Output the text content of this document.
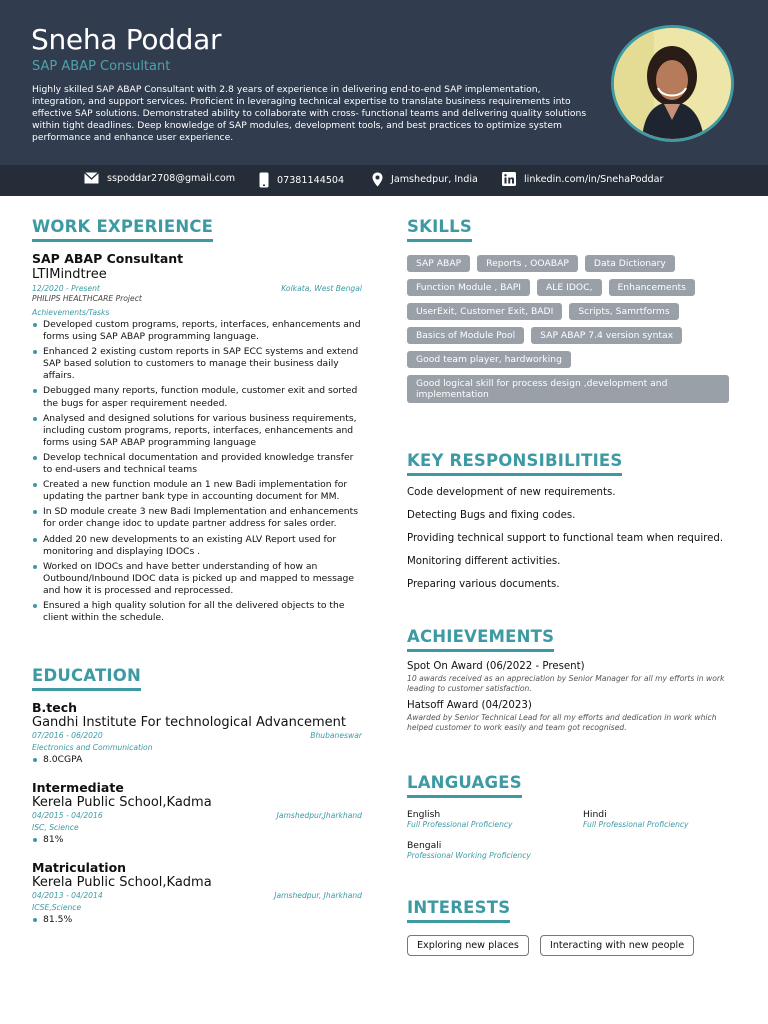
Sneha Poddar
SAP ABAP Consultant
Highly skilled SAP ABAP Consultant with 2.8 years of experience in delivering end-to-end SAP implementation, integration, and support services. Proficient in leveraging technical expertise to translate business requirements into effective SAP solutions. Demonstrated ability to collaborate with cross- functional teams and delivering quality solutions within tight deadlines. Deep knowledge of SAP modules, development tools, and best practices to optimize system performance and enhance user experience.
sspoddar2708@gmail.com	07381144504	Jamshedpur, India	linkedin.com/in/SnehaPoddar
WORK EXPERIENCE
SAP ABAP Consultant
LTIMindtree
12/2020 - Present	Kolkata, West Bengal
PHILIPS HEALTHCARE Project
Achievements/Tasks
Developed custom programs, reports, interfaces, enhancements and forms using SAP ABAP programming language.
Enhanced 2 existing custom reports in SAP ECC systems and extend SAP based solution to customers to manage their business daily affairs.
Debugged many reports, function module, customer exit and sorted the bugs for asper requirement needed.
Analysed and designed solutions for various business requirements, including custom programs, reports, interfaces, enhancements and forms using SAP ABAP programming language
Develop technical documentation and provided knowledge transfer to end-users and technical teams
Created a new function module an 1 new Badi implementation for updating the partner bank type in accounting document for MM.
In SD module create 3 new Badi Implementation and enhancements for order change idoc to update partner address for sales order.
Added 20 new developments to an existing ALV Report used for monitoring and displaying IDOCs .
Worked on IDOCs and have better understanding of how an Outbound/Inbound IDOC data is picked up and mapped to message and how it is processed and reprocessed.
Ensured a high quality solution for all the delivered objects to the client within the schedule.
EDUCATION
B.tech
Gandhi Institute For technological Advancement
07/2016 - 06/2020	Bhubaneswar
Electronics and Communication
8.0CGPA
Intermediate
Kerela Public School,Kadma
04/2015 - 04/2016	Jamshedpur,Jharkhand
ISC, Science
81%
Matriculation
Kerela Public School,Kadma
04/2013 - 04/2014	Jamshedpur, Jharkhand
ICSE,Science
81.5%
SKILLS
SAP ABAP	Reports , OOABAP	Data Dictionary
Function Module , BAPI	ALE IDOC,	Enhancements
UserExit, Customer Exit, BADI	Scripts, Samrtforms
Basics of Module Pool	SAP ABAP 7.4 version syntax
Good team player, hardworking
Good logical skill for process design ,development and implementation
KEY RESPONSIBILITIES
Code development of new requirements.
Detecting Bugs and fixing codes.
Providing technical support to functional team when required.
Monitoring different activities.
Preparing various documents.
ACHIEVEMENTS
Spot On Award (06/2022 - Present)
10 awards received as an appreciation by Senior Manager for all my efforts in work leading to customer satisfaction.
Hatsoff Award (04/2023)
Awarded by Senior Technical Lead for all my efforts and dedication in work which helped customer to work easily and team got recognised.
LANGUAGES
English
Full Professional Proficiency
Hindi
Full Professional Proficiency
Bengali
Professional Working Proficiency
INTERESTS
Exploring new places	Interacting with new people
